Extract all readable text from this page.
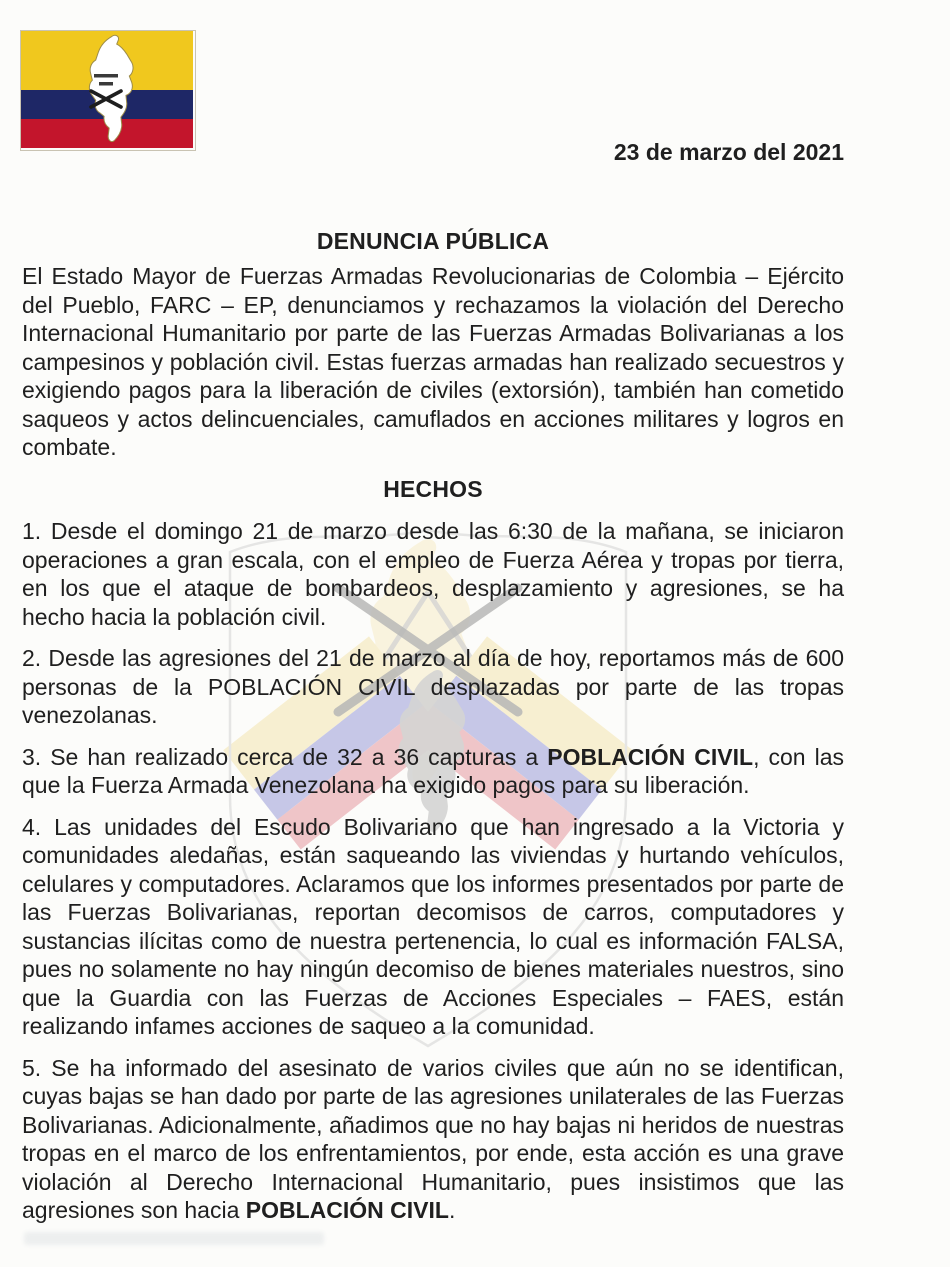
23 de marzo del 2021
DENUNCIA PÚBLICA

El Estado Mayor de Fuerzas Armadas Revolucionarias de Colombia – Ejército del Pueblo, FARC – EP, denunciamos y rechazamos la violación del Derecho Internacional Humanitario por parte de las Fuerzas Armadas Bolivarianas a los campesinos y población civil. Estas fuerzas armadas han realizado secuestros y exigiendo pagos para la liberación de civiles (extorsión), también han cometido saqueos y actos delincuenciales, camuflados en acciones militares y logros en combate.

HECHOS

1. Desde el domingo 21 de marzo desde las 6:30 de la mañana, se iniciaron operaciones a gran escala, con el empleo de Fuerza Aérea y tropas por tierra, en los que el ataque de bombardeos, desplazamiento y agresiones, se ha hecho hacia la población civil.

2. Desde las agresiones del 21 de marzo al día de hoy, reportamos más de 600 personas de la POBLACIÓN CIVIL desplazadas por parte de las tropas venezolanas.

3. Se han realizado cerca de 32 a 36 capturas a POBLACIÓN CIVIL, con las que la Fuerza Armada Venezolana ha exigido pagos para su liberación.

4. Las unidades del Escudo Bolivariano que han ingresado a la Victoria y comunidades aledañas, están saqueando las viviendas y hurtando vehículos, celulares y computadores. Aclaramos que los informes presentados por parte de las Fuerzas Bolivarianas, reportan decomisos de carros, computadores y sustancias ilícitas como de nuestra pertenencia, lo cual es información FALSA, pues no solamente no hay ningún decomiso de bienes materiales nuestros, sino que la Guardia con las Fuerzas de Acciones Especiales – FAES, están realizando infames acciones de saqueo a la comunidad.

5. Se ha informado del asesinato de varios civiles que aún no se identifican, cuyas bajas se han dado por parte de las agresiones unilaterales de las Fuerzas Bolivarianas. Adicionalmente, añadimos que no hay bajas ni heridos de nuestras tropas en el marco de los enfrentamientos, por ende, esta acción es una grave violación al Derecho Internacional Humanitario, pues insistimos que las agresiones son hacia POBLACIÓN CIVIL.
